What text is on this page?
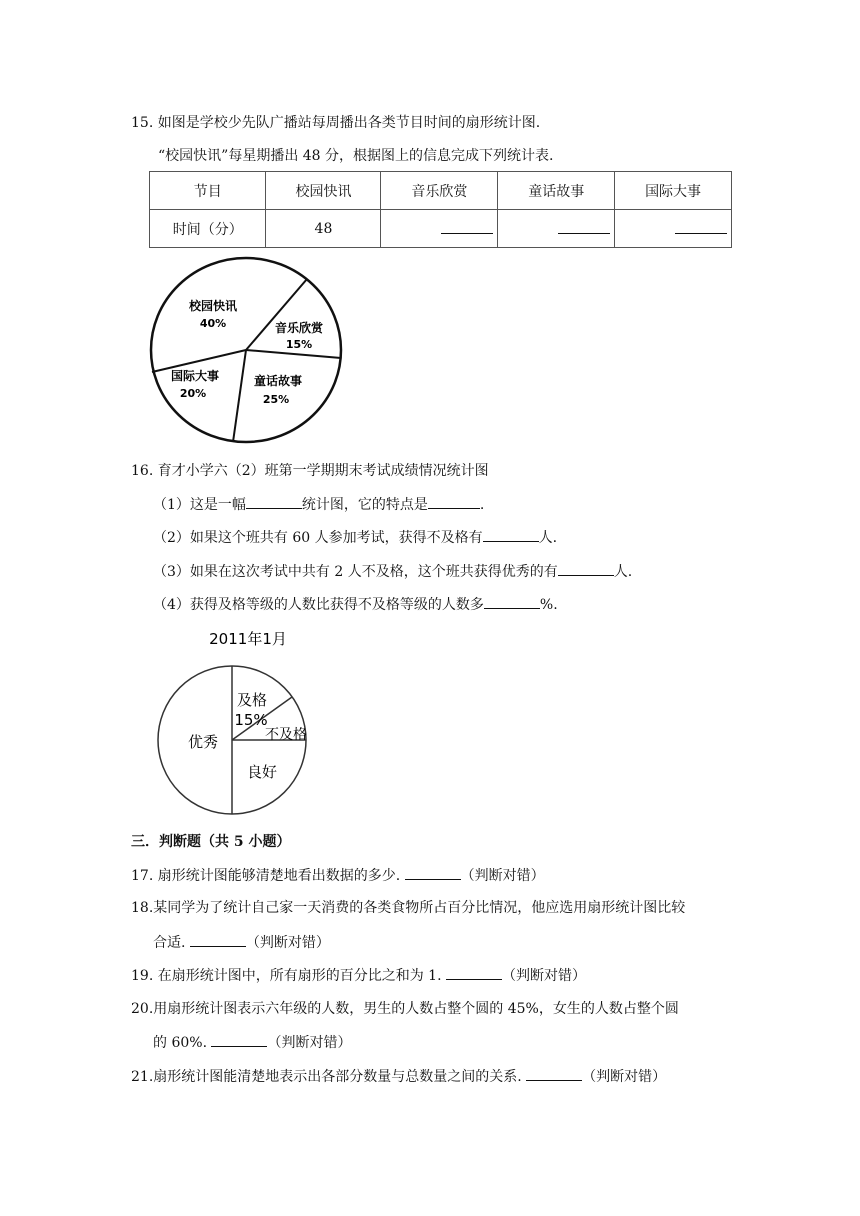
15. 如图是学校少先队广播站每周播出各类节目时间的扇形统计图.
“校园快讯”每星期播出 48 分，根据图上的信息完成下列统计表.
节目	校园快讯	音乐欣赏	童话故事	国际大事
时间（分）	48			
校园快讯
40%	音乐欣赏
15%
童话故事
25%
国际大事
20%
16. 育才小学六（2）班第一学期期末考试成绩情况统计图
（1）这是一幅	统计图，它的特点是	.
（2）如果这个班共有 60 人参加考试，获得不及格有	人.
（3）如果在这次考试中共有 2 人不及格，这个班共获得优秀的有	人.
（4）获得及格等级的人数比获得不及格等级的人数多	%.
2011年1月
及格
15%
不及格
良好
优秀
三．判断题（共 5 小题）
17. 扇形统计图能够清楚地看出数据的多少.	（判断对错）
18.某同学为了统计自己家一天消费的各类食物所占百分比情况，他应选用扇形统计图比较
合适.	（判断对错）
19. 在扇形统计图中，所有扇形的百分比之和为 1.	（判断对错）
20.用扇形统计图表示六年级的人数，男生的人数占整个圆的 45%，女生的人数占整个圆
的 60%.	（判断对错）
21.扇形统计图能清楚地表示出各部分数量与总数量之间的关系.	（判断对错）
